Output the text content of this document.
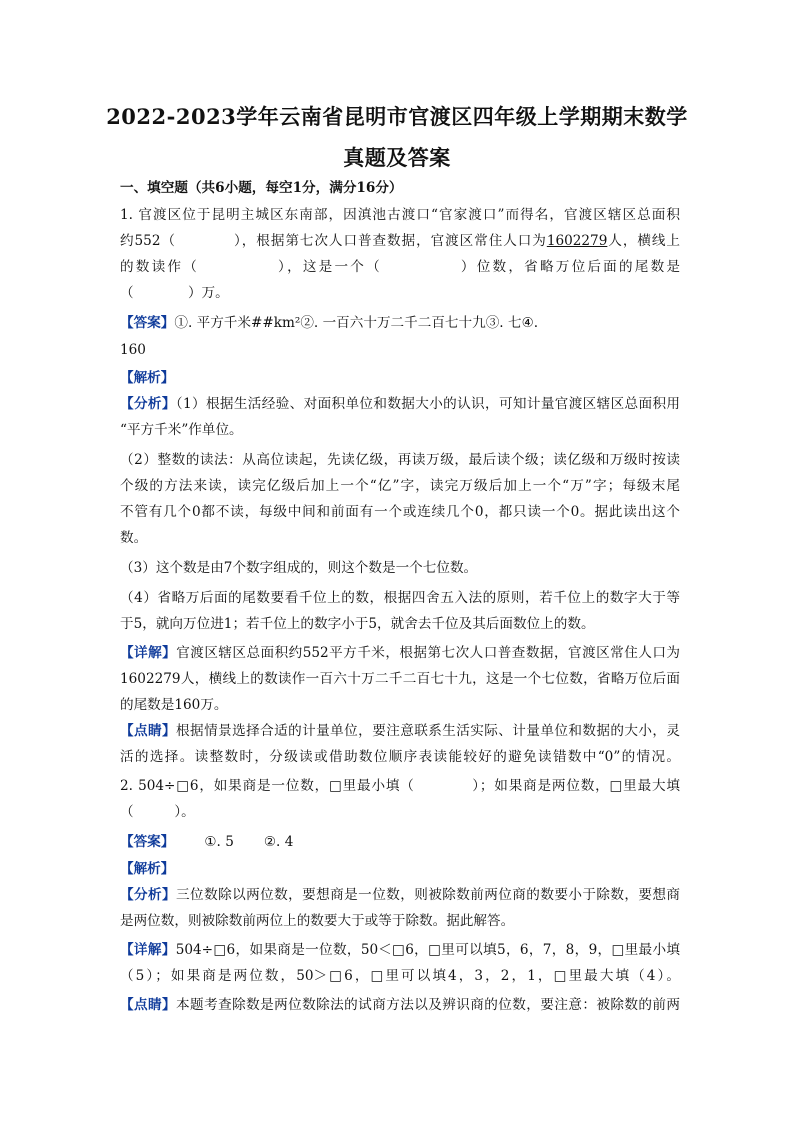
2022-2023学年云南省昆明市官渡区四年级上学期期末数学
真题及答案
一、填空题（共6小题，每空1分，满分16分）
1. 官渡区位于昆明主城区东南部，因滇池古渡口“官家渡口”而得名，官渡区辖区总面积
约552（　　　　），根据第七次人口普查数据，官渡区常住人口为1602279人，横线上
的数读作（　　　　　），这是一个（　　　　　）位数，省略万位后面的尾数是
（　　　　）万。
【答案】①. 平方千米##km²②. 一百六十万二千二百七十九③. 七④.
160
【解析】
【分析】（1）根据生活经验、对面积单位和数据大小的认识，可知计量官渡区辖区总面积用
“平方千米”作单位。
（2）整数的读法：从高位读起，先读亿级，再读万级，最后读个级；读亿级和万级时按读
个级的方法来读，读完亿级后加上一个“亿”字，读完万级后加上一个“万”字；每级末尾
不管有几个0都不读，每级中间和前面有一个或连续几个0，都只读一个0。据此读出这个
数。
（3）这个数是由7个数字组成的，则这个数是一个七位数。
（4）省略万后面的尾数要看千位上的数，根据四舍五入法的原则，若千位上的数字大于等
于5，就向万位进1；若千位上的数字小于5，就舍去千位及其后面数位上的数。
【详解】官渡区辖区总面积约552平方千米，根据第七次人口普查数据，官渡区常住人口为
1602279人，横线上的数读作一百六十万二千二百七十九，这是一个七位数，省略万位后面
的尾数是160万。
【点睛】根据情景选择合适的计量单位，要注意联系生活实际、计量单位和数据的大小，灵
活的选择。读整数时，分级读或借助数位顺序表读能较好的避免读错数中“0”的情况。
2. 504÷□6，如果商是一位数，□里最小填（　　　　）；如果商是两位数，□里最大填
（　　　）。
【答案】 ①. 5 ②. 4
【解析】
【分析】三位数除以两位数，要想商是一位数，则被除数前两位商的数要小于除数，要想商
是两位数，则被除数前两位上的数要大于或等于除数。据此解答。
【详解】504÷□6，如果商是一位数，50＜□6，□里可以填5，6，7，8，9，□里最小填
（5）；如果商是两位数，50＞□6，□里可以填4，3，2，1，□里最大填（4）。
【点睛】本题考查除数是两位数除法的试商方法以及辨识商的位数，要注意：被除数的前两
